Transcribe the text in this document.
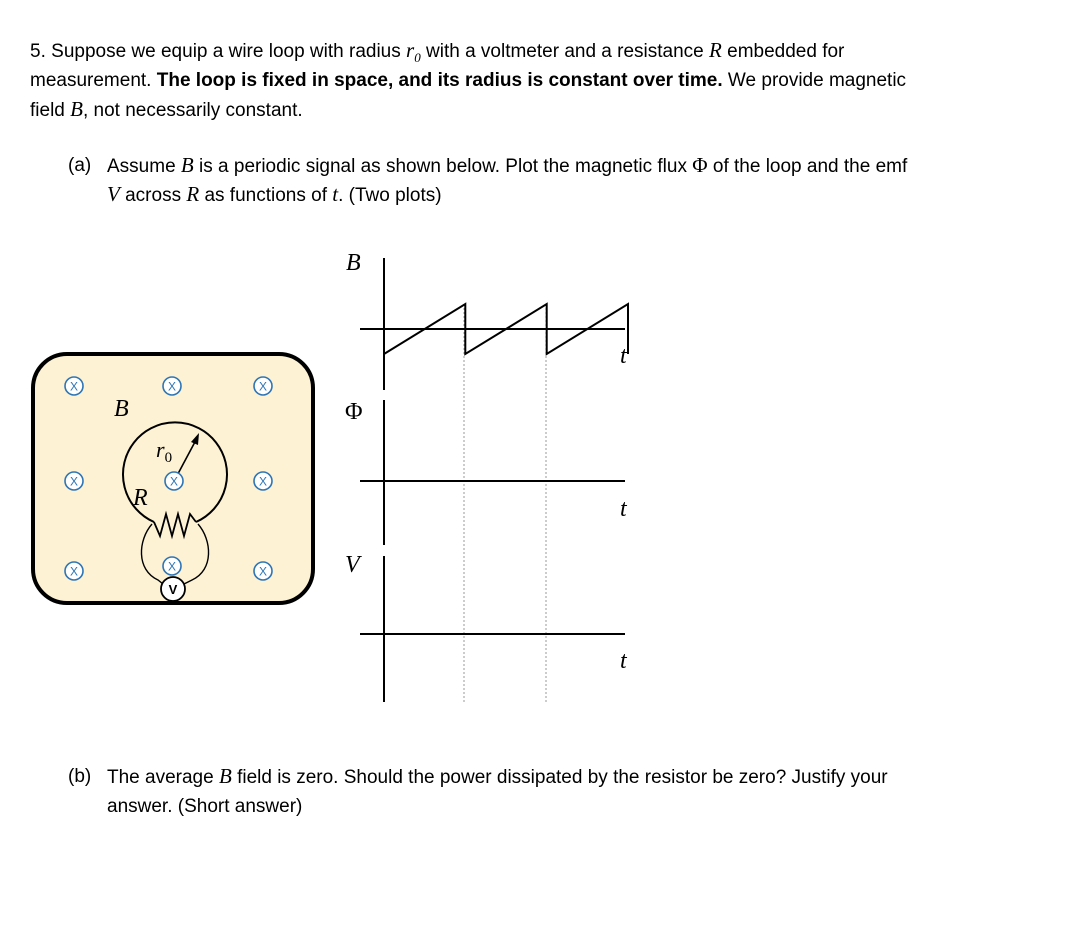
5. Suppose we equip a wire loop with radius $r_0$ with a voltmeter and a resistance R embedded for
measurement. The loop is fixed in space, and its radius is constant over time. We provide magnetic
field B, not necessarily constant.
(a) Assume B is a periodic signal as shown below. Plot the magnetic flux Φ of the loop and the emf
V across R as functions of t. (Two plots)
(b) The average B field is zero. Should the power dissipated by the resistor be zero? Justify your
answer. (Short answer)
X	X	X
X	X
X	X
B
$r_0$
X
R
X
V
B
t
Φ
t
V
t
